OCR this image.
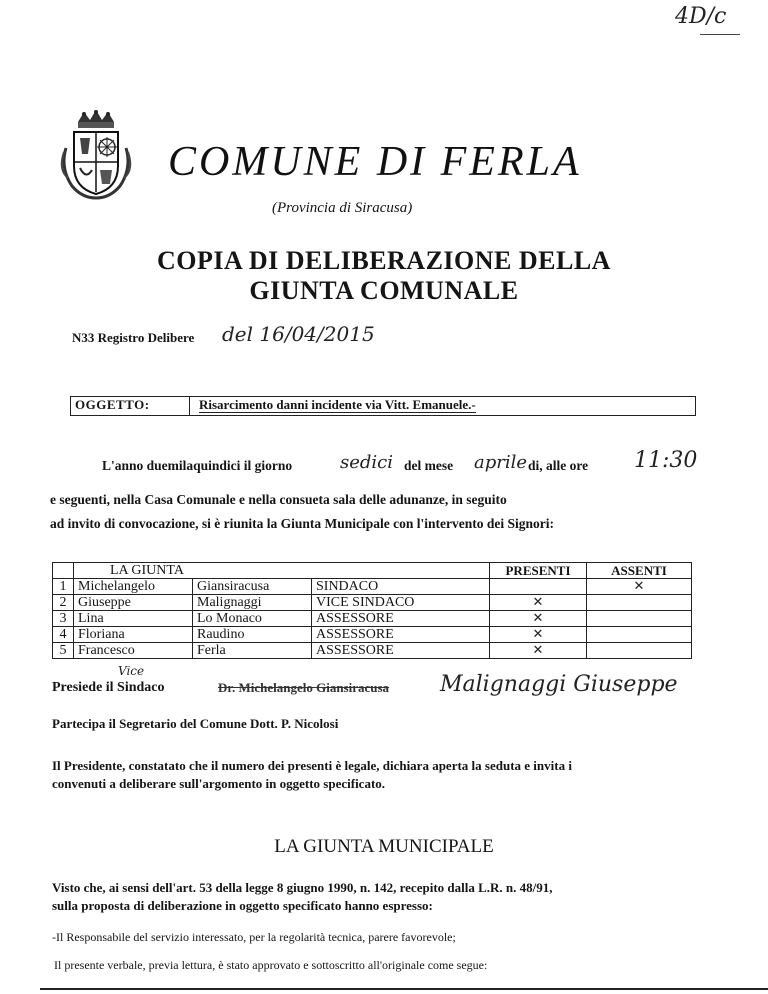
4D/c
COMUNE DI FERLA
(Provincia di Siracusa)
COPIA DI DELIBERAZIONE DELLA
GIUNTA COMUNALE
N33 Registro Delibere del 16/04/2015
OGGETTO:	Risarcimento danni incidente via Vitt. Emanuele.-
L'anno duemilaquindici il giorno	sedici del mese aprile di, alle ore 11:30
e seguenti, nella Casa Comunale e nella consueta sala delle adunanze, in seguito
ad invito di convocazione, si è riunita la Giunta Municipale con l'intervento dei Signori:
	LA GIUNTA			PRESENTI	ASSENTI
1	Michelangelo	Giansiracusa	SINDACO		✕
2	Giuseppe	Malignaggi	VICE SINDACO	✕	
3	Lina	Lo Monaco	ASSESSORE	✕	
4	Floriana	Raudino	ASSESSORE	✕	
5	Francesco	Ferla	ASSESSORE	✕	
Vice
Presiede il Sindaco	Dr. Michelangelo Giansiracusa Malignaggi Giuseppe
Partecipa il Segretario del Comune Dott. P. Nicolosi
Il Presidente, constatato che il numero dei presenti è legale, dichiara aperta la seduta e invita i
convenuti a deliberare sull'argomento in oggetto specificato.
LA GIUNTA MUNICIPALE
Visto che, ai sensi dell'art. 53 della legge 8 giugno 1990, n. 142, recepito dalla L.R. n. 48/91,
sulla proposta di deliberazione in oggetto specificato hanno espresso:
-Il Responsabile del servizio interessato, per la regolarità tecnica, parere favorevole;
Il presente verbale, previa lettura, è stato approvato e sottoscritto all'originale come segue:
